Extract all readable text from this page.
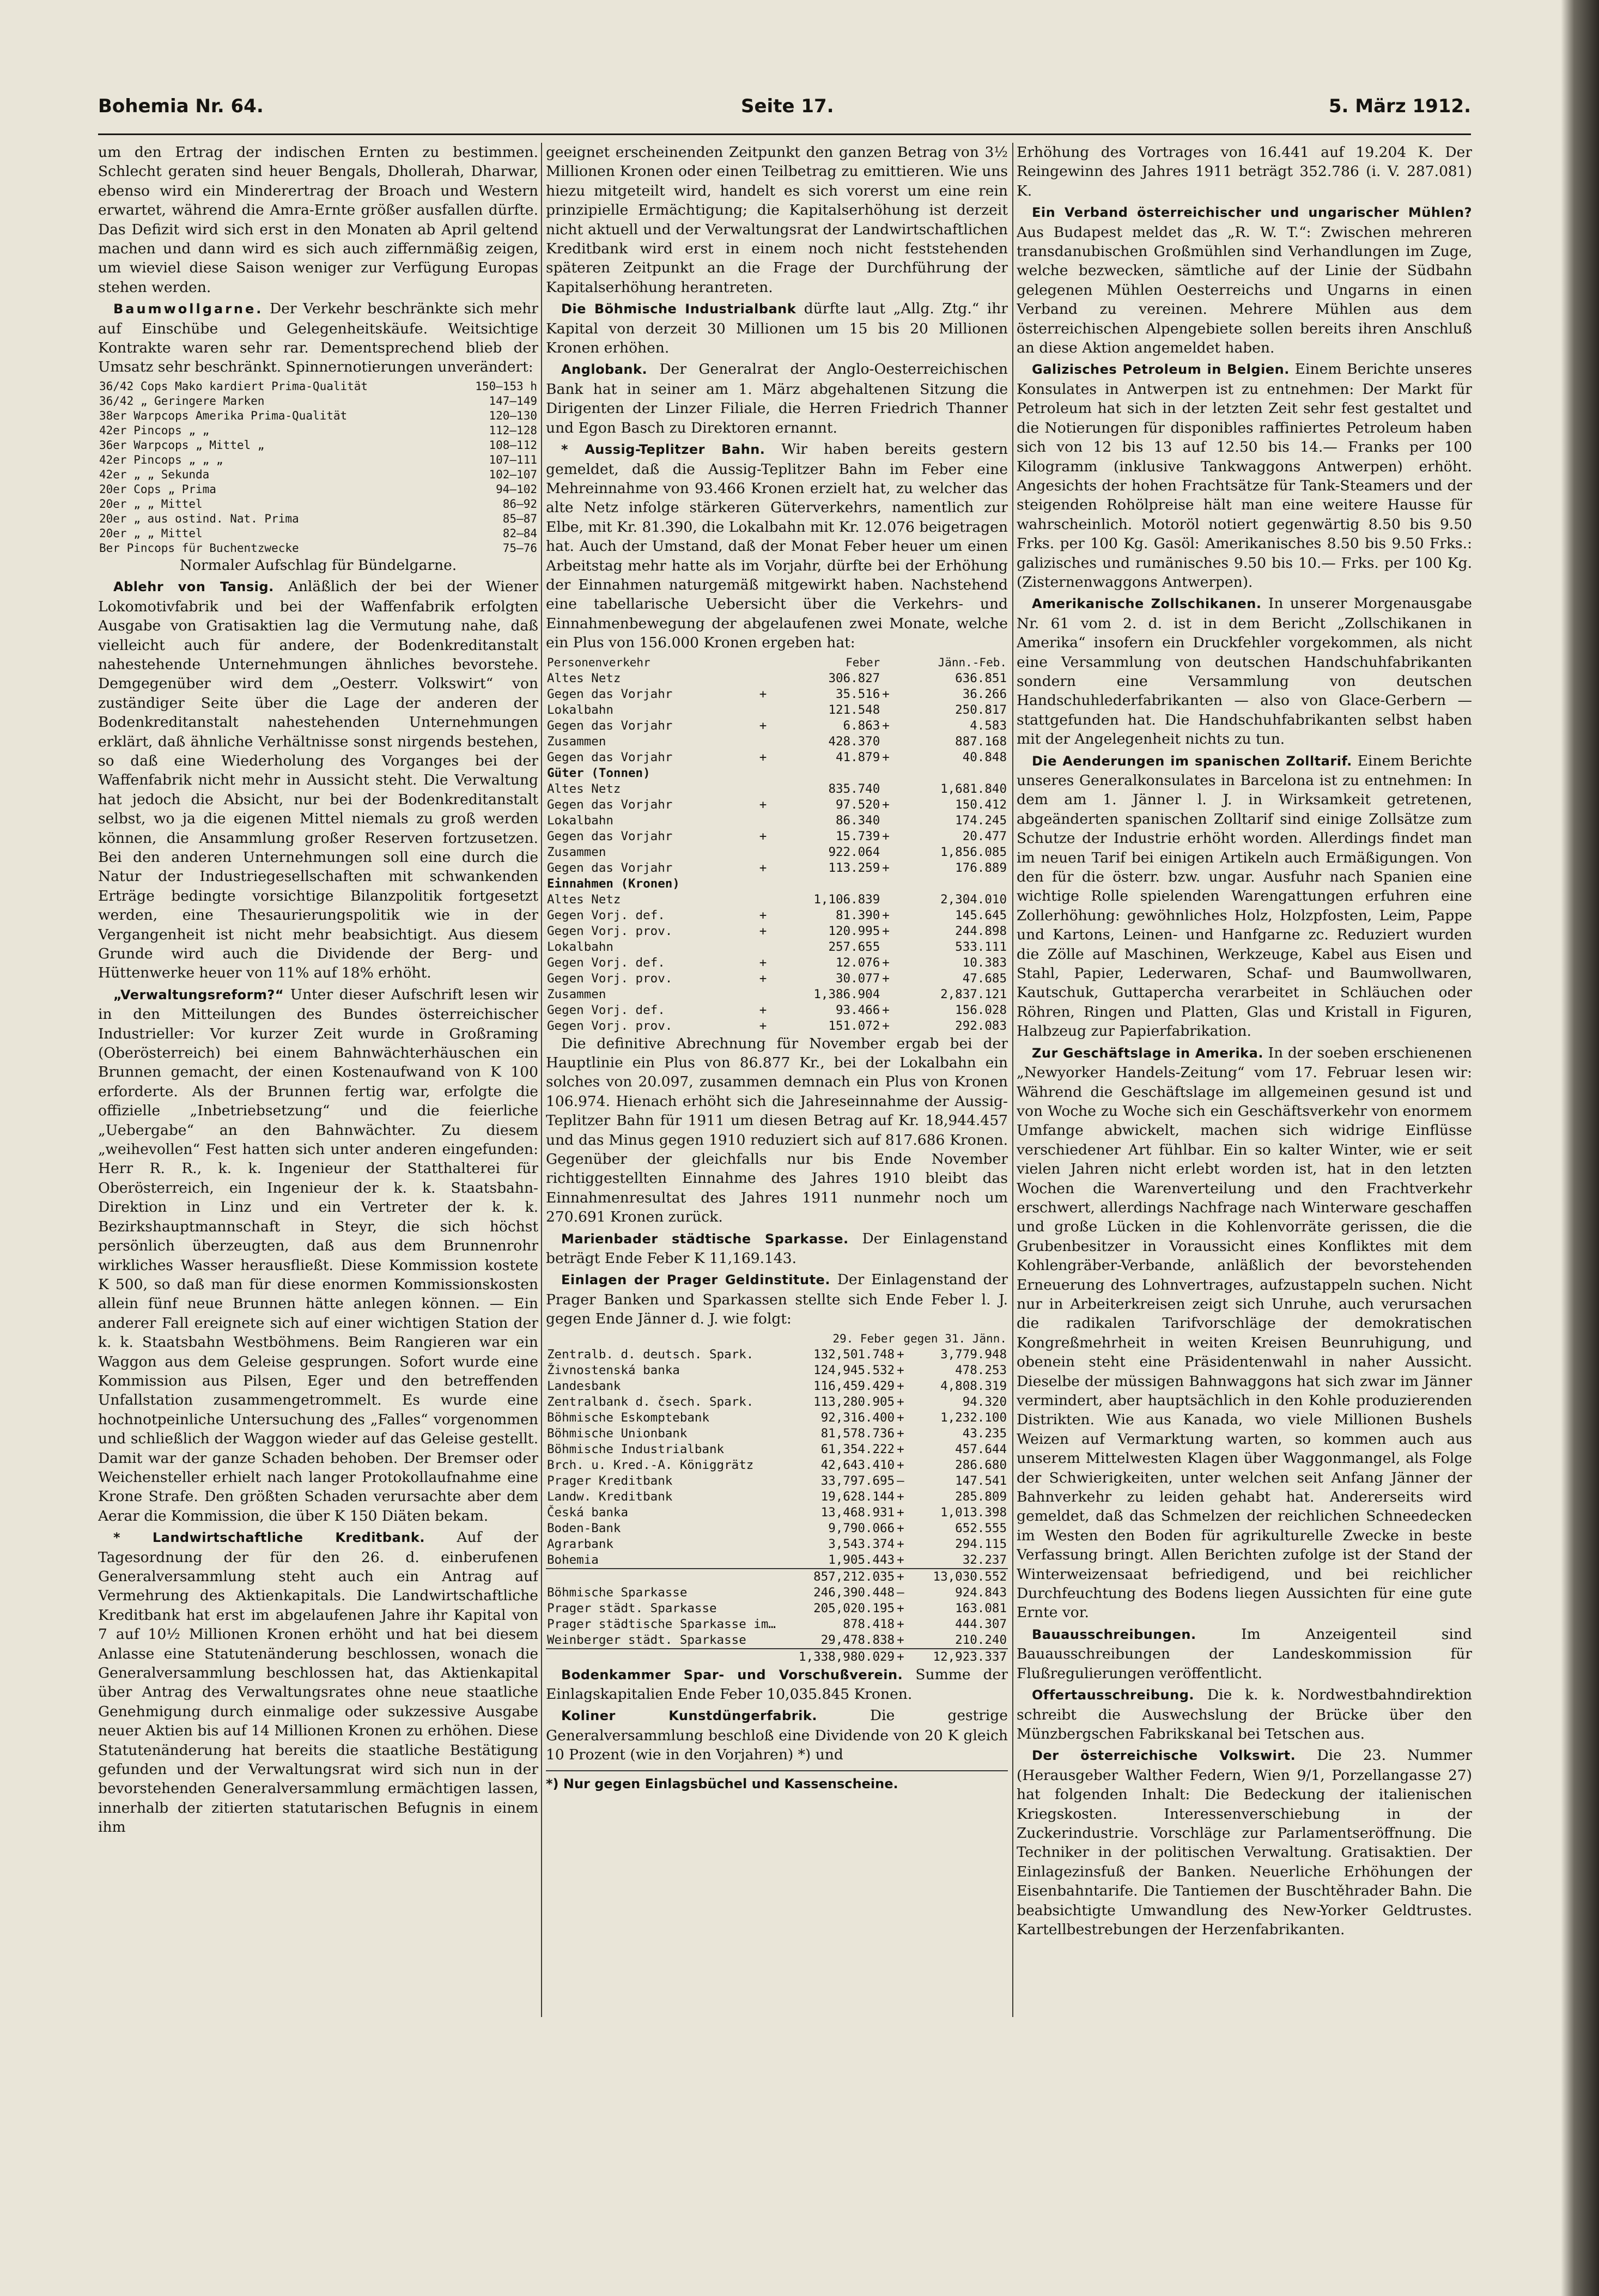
Bohemia Nr. 64.	Seite 17.	5. März 1912.

um den Ertrag der indischen Ernten zu bestimmen. Schlecht geraten sind heuer Bengals, Dhollerah, Dharwar, ebenso wird ein Minderertrag der Broach und Western erwartet, während die Amra-Ernte größer ausfallen dürfte. Das Defizit wird sich erst in den Monaten ab April geltend machen und dann wird es sich auch ziffernmäßig zeigen, um wieviel diese Saison weniger zur Verfügung Europas stehen werden.

Baumwollgarne. Der Verkehr beschränkte sich mehr auf Einschübe und Gelegenheitskäufe. Weitsichtige Kontrakte waren sehr rar. Dementsprechend blieb der Umsatz sehr beschränkt. Spinnernotierungen unverändert:

36/42 Cops Mako kardiert Prima-Qualität	150—153 h
36/42 „ Geringere Marken	147—149
38er Warpcops Amerika Prima-Qualität	120—130
42er Pincops „ „	112—128
36er Warpcops „ Mittel „	108—112
42er Pincops „ „ „	107—111
42er „ „ Sekunda	102—107
20er Cops „ Prima	94—102
20er „ „ Mittel	86—92
20er „ aus ostind. Nat. Prima	85—87
20er „ „ Mittel	82—84
Ber Pincops für Buchentzwecke	75—76

Normaler Aufschlag für Bündelgarne.

Ablehr von Tansig. Anläßlich der bei der Wiener Lokomotivfabrik und bei der Waffenfabrik erfolgten Ausgabe von Gratisaktien lag die Vermutung nahe, daß vielleicht auch für andere, der Bodenkreditanstalt nahestehende Unternehmungen ähnliches bevorstehe. Demgegenüber wird dem „Oesterr. Volkswirt“ von zuständiger Seite über die Lage der anderen der Bodenkreditanstalt nahestehenden Unternehmungen erklärt, daß ähnliche Verhältnisse sonst nirgends bestehen, so daß eine Wiederholung des Vorganges bei der Waffenfabrik nicht mehr in Aussicht steht. Die Verwaltung hat jedoch die Absicht, nur bei der Bodenkreditanstalt selbst, wo ja die eigenen Mittel niemals zu groß werden können, die Ansammlung großer Reserven fortzusetzen. Bei den anderen Unternehmungen soll eine durch die Natur der Industriegesellschaften mit schwankenden Erträge bedingte vorsichtige Bilanzpolitik fortgesetzt werden, eine Thesaurierungspolitik wie in der Vergangenheit ist nicht mehr beabsichtigt. Aus diesem Grunde wird auch die Dividende der Berg- und Hüttenwerke heuer von 11% auf 18% erhöht.

„Verwaltungsreform?“ Unter dieser Aufschrift lesen wir in den Mitteilungen des Bundes österreichischer Industrieller: Vor kurzer Zeit wurde in Großraming (Oberösterreich) bei einem Bahnwächterhäuschen ein Brunnen gemacht, der einen Kostenaufwand von K 100 erforderte. Als der Brunnen fertig war, erfolgte die offizielle „Inbetriebsetzung“ und die feierliche „Uebergabe“ an den Bahnwächter. Zu diesem „weihevollen“ Fest hatten sich unter anderen eingefunden: Herr R. R., k. k. Ingenieur der Statthalterei für Oberösterreich, ein Ingenieur der k. k. Staatsbahn-Direktion in Linz und ein Vertreter der k. k. Bezirkshauptmannschaft in Steyr, die sich höchst persönlich überzeugten, daß aus dem Brunnenrohr wirkliches Wasser herausfließt. Diese Kommission kostete K 500, so daß man für diese enormen Kommissionskosten allein fünf neue Brunnen hätte anlegen können. — Ein anderer Fall ereignete sich auf einer wichtigen Station der k. k. Staatsbahn Westböhmens. Beim Rangieren war ein Waggon aus dem Geleise gesprungen. Sofort wurde eine Kommission aus Pilsen, Eger und den betreffenden Unfallstation zusammengetrommelt. Es wurde eine hochnotpeinliche Untersuchung des „Falles“ vorgenommen und schließlich der Waggon wieder auf das Geleise gestellt. Damit war der ganze Schaden behoben. Der Bremser oder Weichensteller erhielt nach langer Protokollaufnahme eine Krone Strafe. Den größten Schaden verursachte aber dem Aerar die Kommission, die über K 150 Diäten bekam.

* Landwirtschaftliche Kreditbank. Auf der Tagesordnung der für den 26. d. einberufenen Generalversammlung steht auch ein Antrag auf Vermehrung des Aktienkapitals. Die Landwirtschaftliche Kreditbank hat erst im abgelaufenen Jahre ihr Kapital von 7 auf 10½ Millionen Kronen erhöht und hat bei diesem Anlasse eine Statutenänderung beschlossen, wonach die Generalversammlung beschlossen hat, das Aktienkapital über Antrag des Verwaltungsrates ohne neue staatliche Genehmigung durch einmalige oder sukzessive Ausgabe neuer Aktien bis auf 14 Millionen Kronen zu erhöhen. Diese Statutenänderung hat bereits die staatliche Bestätigung gefunden und der Verwaltungsrat wird sich nun in der bevorstehenden Generalversammlung ermächtigen lassen, innerhalb der zitierten statutarischen Befugnis in einem ihm

geeignet erscheinenden Zeitpunkt den ganzen Betrag von 3½ Millionen Kronen oder einen Teilbetrag zu emittieren. Wie uns hiezu mitgeteilt wird, handelt es sich vorerst um eine rein prinzipielle Ermächtigung; die Kapitalserhöhung ist derzeit nicht aktuell und der Verwaltungsrat der Landwirtschaftlichen Kreditbank wird erst in einem noch nicht feststehenden späteren Zeitpunkt an die Frage der Durchführung der Kapitalserhöhung herantreten.

Die Böhmische Industrialbank dürfte laut „Allg. Ztg.“ ihr Kapital von derzeit 30 Millionen um 15 bis 20 Millionen Kronen erhöhen.

Anglobank. Der Generalrat der Anglo-Oesterreichischen Bank hat in seiner am 1. März abgehaltenen Sitzung die Dirigenten der Linzer Filiale, die Herren Friedrich Thanner und Egon Basch zu Direktoren ernannt.

* Aussig-Teplitzer Bahn. Wir haben bereits gestern gemeldet, daß die Aussig-Teplitzer Bahn im Feber eine Mehreinnahme von 93.466 Kronen erzielt hat, zu welcher das alte Netz infolge stärkeren Güterverkehrs, namentlich zur Elbe, mit Kr. 81.390, die Lokalbahn mit Kr. 12.076 beigetragen hat. Auch der Umstand, daß der Monat Feber heuer um einen Arbeitstag mehr hatte als im Vorjahr, dürfte bei der Erhöhung der Einnahmen naturgemäß mitgewirkt haben. Nachstehend eine tabellarische Uebersicht über die Verkehrs- und Einnahmenbewegung der abgelaufenen zwei Monate, welche ein Plus von 156.000 Kronen ergeben hat:

Personenverkehr		Feber		Jänn.-Feb.
Altes Netz		306.827		636.851
Gegen das Vorjahr	+	35.516	+	36.266
Lokalbahn		121.548		250.817
Gegen das Vorjahr	+	6.863	+	4.583
Zusammen		428.370		887.168
Gegen das Vorjahr	+	41.879	+	40.848
Güter (Tonnen)				
Altes Netz		835.740		1,681.840
Gegen das Vorjahr	+	97.520	+	150.412
Lokalbahn		86.340		174.245
Gegen das Vorjahr	+	15.739	+	20.477
Zusammen		922.064		1,856.085
Gegen das Vorjahr	+	113.259	+	176.889
Einnahmen (Kronen)				
Altes Netz		1,106.839		2,304.010
Gegen Vorj. def.	+	81.390	+	145.645
Gegen Vorj. prov.	+	120.995	+	244.898
Lokalbahn		257.655		533.111
Gegen Vorj. def.	+	12.076	+	10.383
Gegen Vorj. prov.	+	30.077	+	47.685
Zusammen		1,386.904		2,837.121
Gegen Vorj. def.	+	93.466	+	156.028
Gegen Vorj. prov.	+	151.072	+	292.083

Die definitive Abrechnung für November ergab bei der Hauptlinie ein Plus von 86.877 Kr., bei der Lokalbahn ein solches von 20.097, zusammen demnach ein Plus von Kronen 106.974. Hienach erhöht sich die Jahreseinnahme der Aussig-Teplitzer Bahn für 1911 um diesen Betrag auf Kr. 18,944.457 und das Minus gegen 1910 reduziert sich auf 817.686 Kronen. Gegenüber der gleichfalls nur bis Ende November richtiggestellten Einnahme des Jahres 1910 bleibt das Einnahmenresultat des Jahres 1911 nunmehr noch um 270.691 Kronen zurück.

Marienbader städtische Sparkasse. Der Einlagenstand beträgt Ende Feber K 11,169.143.

Einlagen der Prager Geldinstitute. Der Einlagenstand der Prager Banken und Sparkassen stellte sich Ende Feber l. J. gegen Ende Jänner d. J. wie folgt:

	29. Feber	gegen 31. Jänn.	
Zentralb. d. deutsch. Spark.	132,501.748	+	3,779.948
Živnostenská banka	124,945.532	+	478.253
Landesbank	116,459.429	+	4,808.319
Zentralbank d. čsech. Spark.	113,280.905	+	94.320
Böhmische Eskomptebank	92,316.400	+	1,232.100
Böhmische Unionbank	81,578.736	+	43.235
Böhmische Industrialbank	61,354.222	+	457.644
Brch. u. Kred.-A. Königgrätz	42,643.410	+	286.680
Prager Kreditbank	33,797.695	—	147.541
Landw. Kreditbank	19,628.144	+	285.809
Česká banka	13,468.931	+	1,013.398
Boden-Bank	9,790.066	+	652.555
Agrarbank	3,543.374	+	294.115
Bohemia	1,905.443	+	32.237
	857,212.035	+	13,030.552
Böhmische Sparkasse	246,390.448	—	924.843
Prager städt. Sparkasse	205,020.195	+	163.081
Prager städtische Sparkasse im…	878.418	+	444.307
Weinberger städt. Sparkasse	29,478.838	+	210.240
	1,338,980.029	+	12,923.337

Bodenkammer Spar- und Vorschußverein. Summe der Einlagskapitalien Ende Feber 10,035.845 Kronen.

Koliner Kunstdüngerfabrik.	Die gestrige Generalversammlung beschloß eine Dividende von 20 K gleich 10 Prozent (wie in den Vorjahren) *) und

*) Nur gegen Einlagsbüchel und Kassenscheine.

Erhöhung des Vortrages von 16.441 auf 19.204 K. Der Reingewinn des Jahres 1911 beträgt 352.786 (i. V. 287.081) K.

Ein Verband österreichischer und ungarischer Mühlen? Aus Budapest meldet das „R. W. T.“: Zwischen mehreren transdanubischen Großmühlen sind Verhandlungen im Zuge, welche bezwecken, sämtliche auf der Linie der Südbahn gelegenen Mühlen Oesterreichs und Ungarns in einen Verband zu vereinen. Mehrere Mühlen aus dem österreichischen Alpengebiete sollen bereits ihren Anschluß an diese Aktion angemeldet haben.

Galizisches Petroleum in Belgien. Einem Berichte unseres Konsulates in Antwerpen ist zu entnehmen: Der Markt für Petroleum hat sich in der letzten Zeit sehr fest gestaltet und die Notierungen für disponibles raffiniertes Petroleum haben sich von 12 bis 13 auf 12.50 bis 14.— Franks per 100 Kilogramm (inklusive Tankwaggons Antwerpen) erhöht. Angesichts der hohen Frachtsätze für Tank-Steamers und der steigenden Rohölpreise hält man eine weitere Hausse für wahrscheinlich. Motoröl notiert gegenwärtig 8.50 bis 9.50 Frks. per 100 Kg. Gasöl: Amerikanisches 8.50 bis 9.50 Frks.: galizisches und rumänisches 9.50 bis 10.— Frks. per 100 Kg. (Zisternenwaggons Antwerpen).

Amerikanische Zollschikanen. In unserer Morgenausgabe Nr. 61 vom 2. d. ist in dem Bericht „Zollschikanen in Amerika“ insofern ein Druckfehler vorgekommen, als nicht eine Versammlung von deutschen Handschuhfabrikanten sondern eine Versammlung von deutschen Handschuhlederfabrikanten — also von Glace-Gerbern — stattgefunden hat. Die Handschuhfabrikanten selbst haben mit der Angelegenheit nichts zu tun.

Die Aenderungen im spanischen Zolltarif. Einem Berichte unseres Generalkonsulates in Barcelona ist zu entnehmen: In dem am 1. Jänner l. J. in Wirksamkeit getretenen, abgeänderten spanischen Zolltarif sind einige Zollsätze zum Schutze der Industrie erhöht worden. Allerdings findet man im neuen Tarif bei einigen Artikeln auch Ermäßigungen. Von den für die österr. bzw. ungar. Ausfuhr nach Spanien eine wichtige Rolle spielenden Warengattungen erfuhren eine Zollerhöhung: gewöhnliches Holz, Holzpfosten, Leim, Pappe und Kartons, Leinen- und Hanfgarne zc. Reduziert wurden die Zölle auf Maschinen, Werkzeuge, Kabel aus Eisen und Stahl, Papier, Lederwaren, Schaf- und Baumwollwaren, Kautschuk, Guttapercha verarbeitet in Schläuchen oder Röhren, Ringen und Platten, Glas und Kristall in Figuren, Halbzeug zur Papierfabrikation.

Zur Geschäftslage in Amerika. In der soeben erschienenen „Newyorker Handels-Zeitung“ vom 17. Februar lesen wir: Während die Geschäftslage im allgemeinen gesund ist und von Woche zu Woche sich ein Geschäftsverkehr von enormem Umfange abwickelt, machen sich widrige Einflüsse verschiedener Art fühlbar. Ein so kalter Winter, wie er seit vielen Jahren nicht erlebt worden ist, hat in den letzten Wochen die Warenverteilung und den Frachtverkehr erschwert, allerdings Nachfrage nach Winterware geschaffen und große Lücken in die Kohlenvorräte gerissen, die die Grubenbesitzer in Voraussicht eines Konfliktes mit dem Kohlengräber-Verbande, anläßlich der bevorstehenden Erneuerung des Lohnvertrages, aufzustappeln suchen. Nicht nur in Arbeiterkreisen zeigt sich Unruhe, auch verursachen die radikalen Tarifvorschläge der demokratischen Kongreßmehrheit in weiten Kreisen Beunruhigung, und obenein steht eine Präsidentenwahl in naher Aussicht. Dieselbe der müssigen Bahnwaggons hat sich zwar im Jänner vermindert, aber hauptsächlich in den Kohle produzierenden Distrikten. Wie aus Kanada, wo viele Millionen Bushels Weizen auf Vermarktung warten, so kommen auch aus unserem Mittelwesten Klagen über Waggonmangel, als Folge der Schwierigkeiten, unter welchen seit Anfang Jänner der Bahnverkehr zu leiden gehabt hat. Andererseits wird gemeldet, daß das Schmelzen der reichlichen Schneedecken im Westen den Boden für agrikulturelle Zwecke in beste Verfassung bringt. Allen Berichten zufolge ist der Stand der Winterweizensaat befriedigend, und bei reichlicher Durchfeuchtung des Bodens liegen Aussichten für eine gute Ernte vor.

Bauausschreibungen.	Im Anzeigenteil sind Bauausschreibungen der Landeskommission für Flußregulierungen veröffentlicht.

Offertausschreibung. Die k. k. Nordwestbahndirektion schreibt die Auswechslung der Brücke über den Münzbergschen Fabrikskanal bei Tetschen aus.

Der österreichische Volkswirt. Die 23. Nummer (Herausgeber Walther Federn, Wien 9/1, Porzellangasse 27) hat folgenden Inhalt: Die Bedeckung der italienischen Kriegskosten. Interessenverschiebung in der Zuckerindustrie. Vorschläge zur Parlamentseröffnung. Die Techniker in der politischen Verwaltung. Gratisaktien. Der Einlagezinsfuß der Banken. Neuerliche Erhöhungen der Eisenbahntarife. Die Tantiemen der Buschtěhrader Bahn. Die beabsichtigte Umwandlung des New-Yorker Geldtrustes. Kartellbestrebungen der Herzenfabrikanten.
